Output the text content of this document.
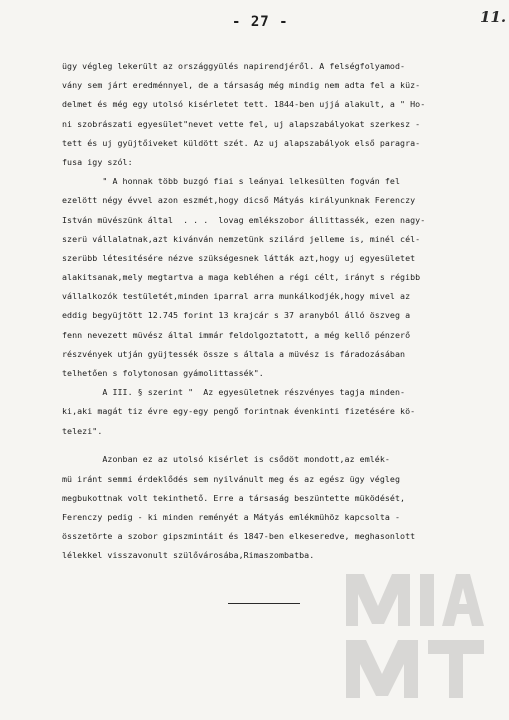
- 27 -	11.
ügy végleg lekerült az országgyülés napirendjéről. A felségfolyamod-
vány sem járt eredménnyel, de a társaság még mindig nem adta fel a küz-
delmet és még egy utolsó kisérletet tett. 1844-ben ujjá alakult, a " Ho-
ni szobrászati egyesület"nevet vette fel, uj alapszabályokat szerkesz -
tett és uj gyüjtőiveket küldött szét. Az uj alapszabályok első paragra-
fusa igy szól:
" A honnak több buzgó fiai s leányai lelkesülten fogván fel
ezelött négy évvel azon eszmét,hogy dicső Mátyás királyunknak Ferenczy
István müvészünk által  . . .  lovag emlékszobor állittassék, ezen nagy-
szerü vállalatnak,azt kivánván nemzetünk szilárd jelleme is, minél cél-
szerübb létesitésére nézve szükségesnek látták azt,hogy uj egyesületet
alakitsanak,mely megtartva a maga kebléhen a régi célt, irányt s régibb
vállalkozók testületét,minden iparral arra munkálkodjék,hogy mivel az
eddig begyüjtött 12.745 forint 13 krajcár s 37 aranyból álló öszveg a
fenn nevezett müvész által immár feldolgoztatott, a még kellő pénzerő
részvények utján gyüjtessék össze s általa a müvész is fáradozásában
telhetően s folytonosan gyámolittassék".
A III. § szerint "  Az egyesületnek részvényes tagja minden-
ki,aki magát tiz évre egy-egy pengő forintnak évenkinti fizetésére kö-
telezi".
Azonban ez az utolsó kisérlet is csődöt mondott,az emlék-
mü iránt semmi érdeklődés sem nyilvánult meg és az egész ügy végleg
megbukottnak volt tekinthető. Erre a társaság beszüntette müködését,
Ferenczy pedig - ki minden reményét a Mátyás emlékmühöz kapcsolta -
összetörte a szobor gipszmintáit és 1847-ben elkeseredve, meghasonlott
lélekkel visszavonult szülővárosába,Rimaszombatba.
